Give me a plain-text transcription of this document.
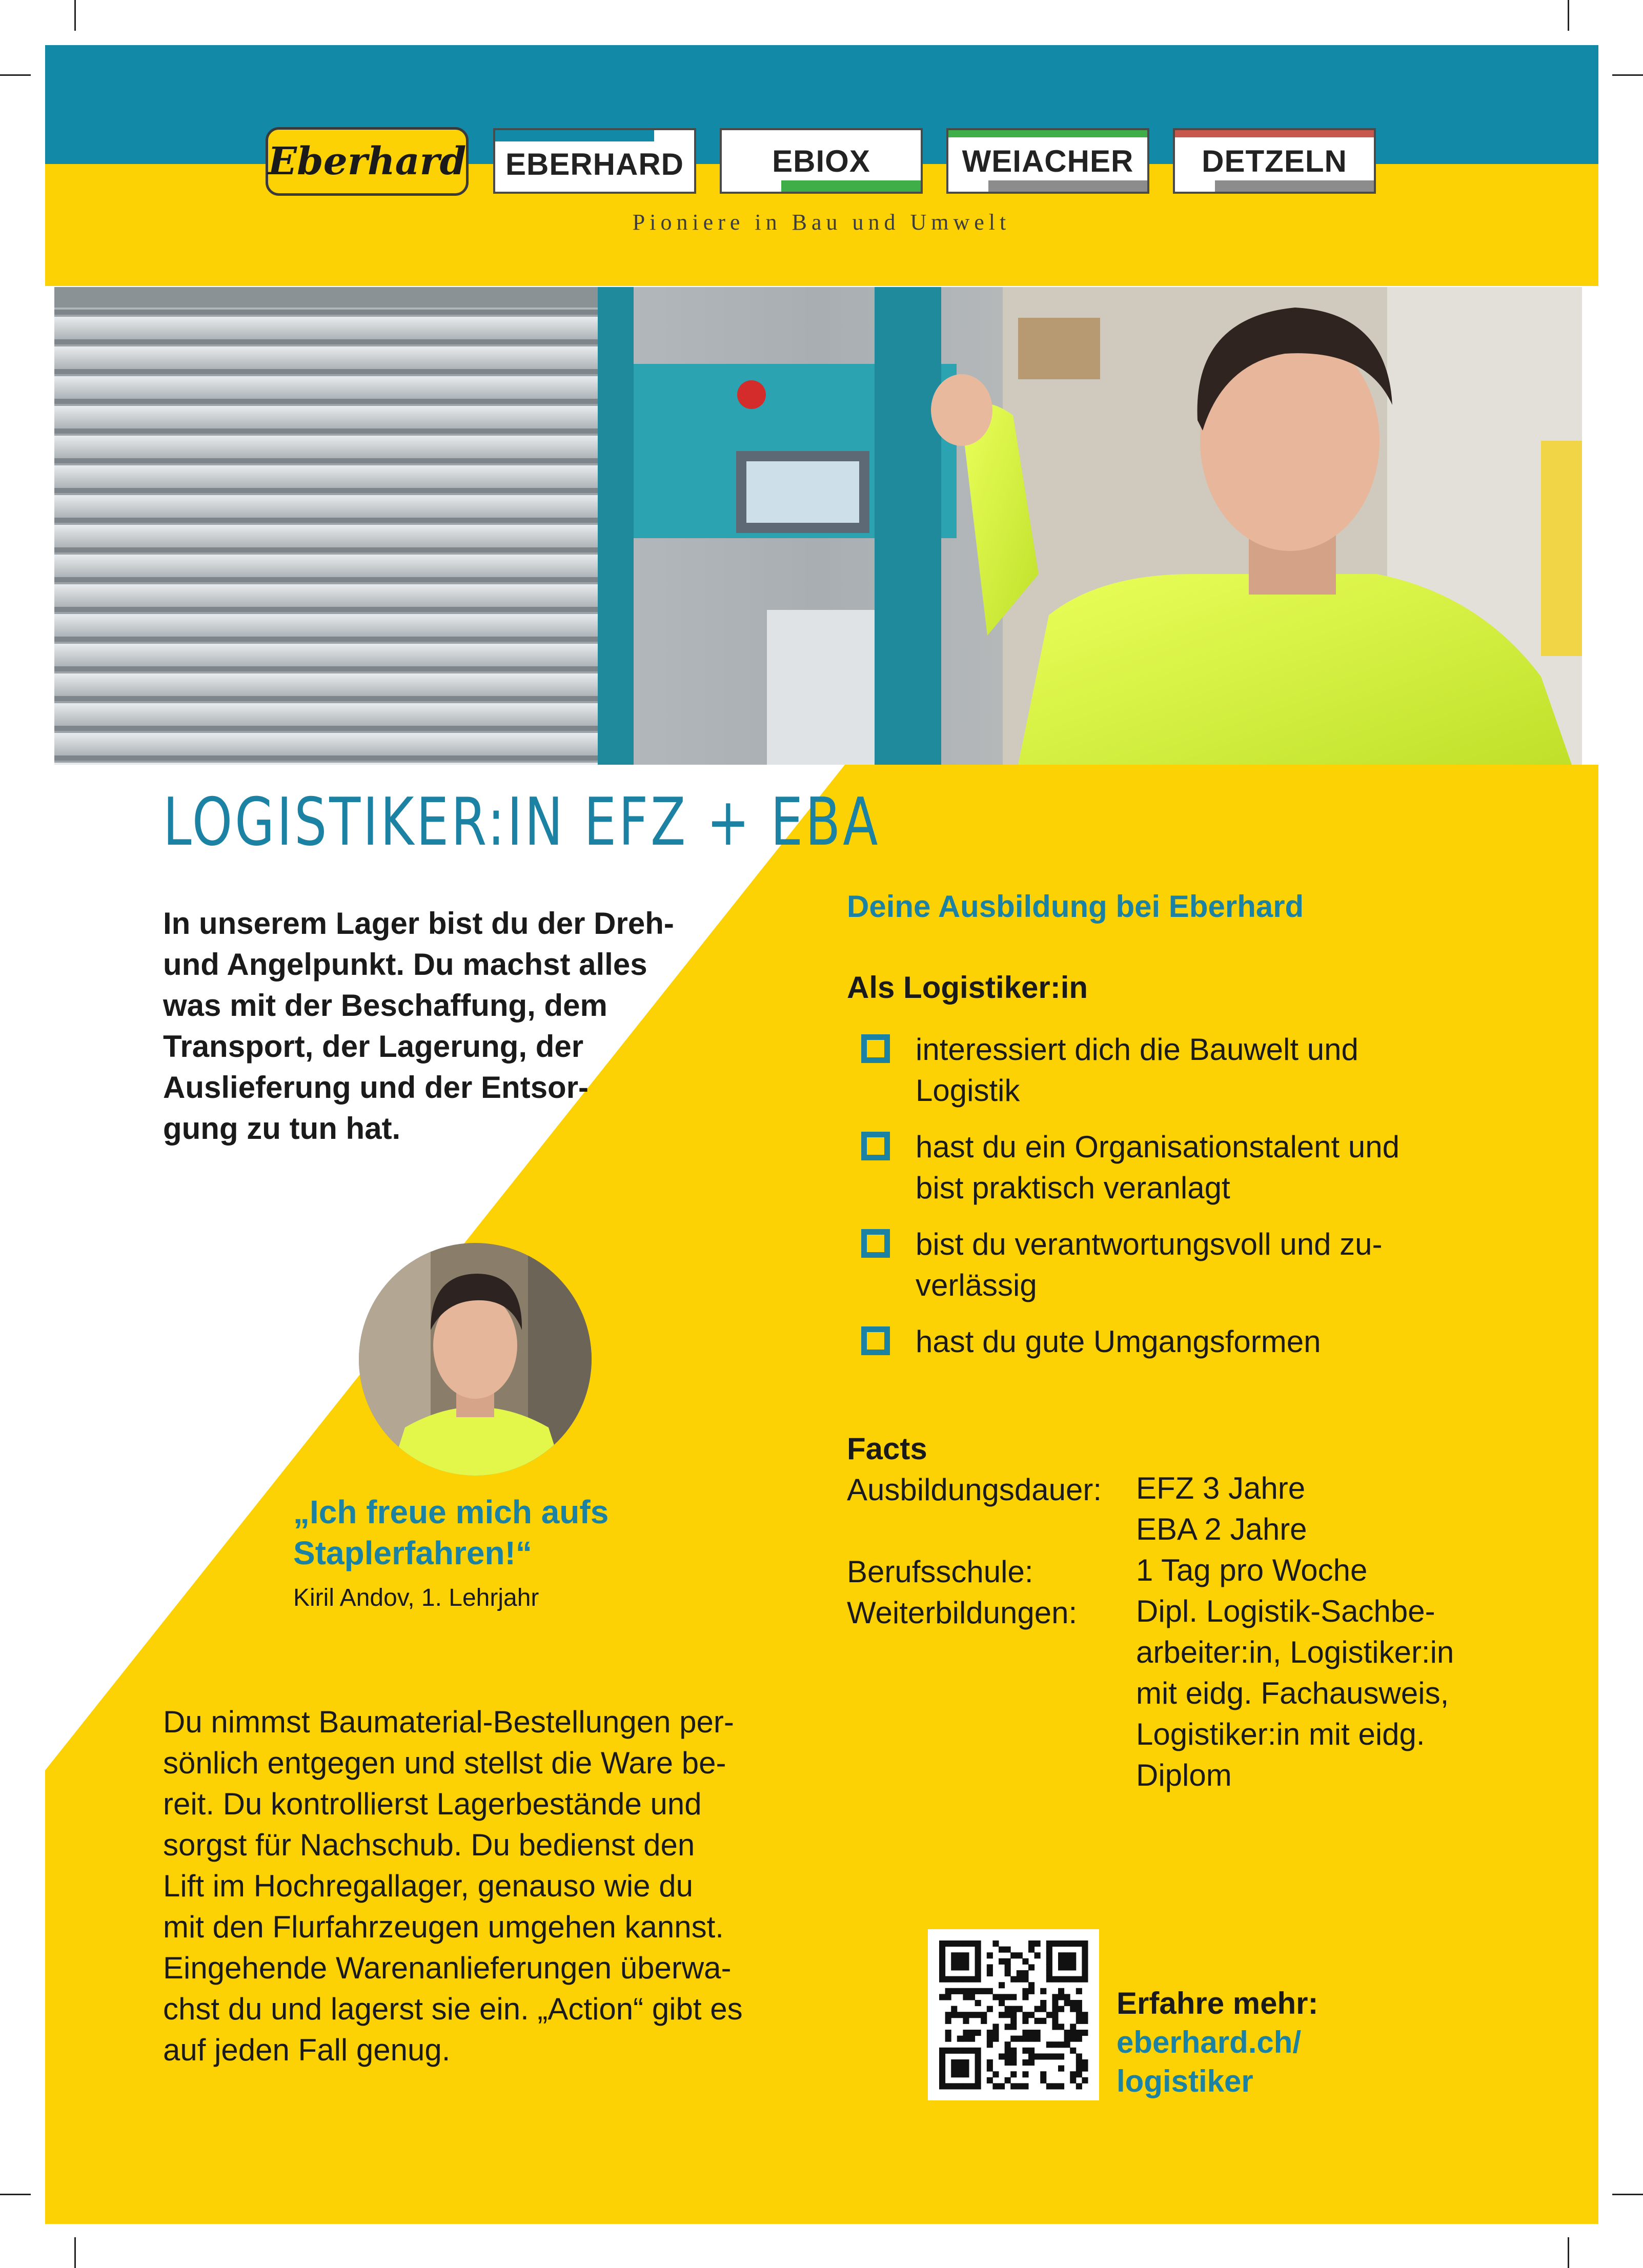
Eberhard EBERHARD	EBIOX	WEIACHER DETZELN
Pioniere in Bau und Umwelt
LOGISTIKER:IN EFZ + EBA
In unserem Lager bist du der Dreh-
und Angelpunkt. Du machst alles
was mit der Beschaffung, dem
Transport, der Lagerung, der
Auslieferung und der Entsor-
gung zu tun hat.
„Ich freue mich aufs
Staplerfahren!“
Kiril Andov, 1. Lehrjahr
Du nimmst Baumaterial-Bestellungen per-
sönlich entgegen und stellst die Ware be-
reit. Du kontrollierst Lagerbestände und
sorgst für Nachschub. Du bedienst den
Lift im Hochregallager, genauso wie du
mit den Flurfahrzeugen umgehen kannst.
Eingehende Warenanlieferungen überwa-
chst du und lagerst sie ein. „Action“ gibt es
auf jeden Fall genug.
Deine Ausbildung bei Eberhard
Als Logistiker:in
interessiert dich die Bauwelt und
Logistik
hast du ein Organisationstalent und
bist praktisch veranlagt
bist du verantwortungsvoll und zu-
verlässig
hast du gute Umgangsformen
Facts
Ausbildungsdauer: EFZ 3 Jahre
EBA 2 Jahre
Berufsschule:	1 Tag pro Woche
Weiterbildungen: Dipl. Logistik-Sachbe-
arbeiter:in, Logistiker:in
mit eidg. Fachausweis,
Logistiker:in mit eidg.
Diplom
Erfahre mehr:
eberhard.ch/
logistiker
